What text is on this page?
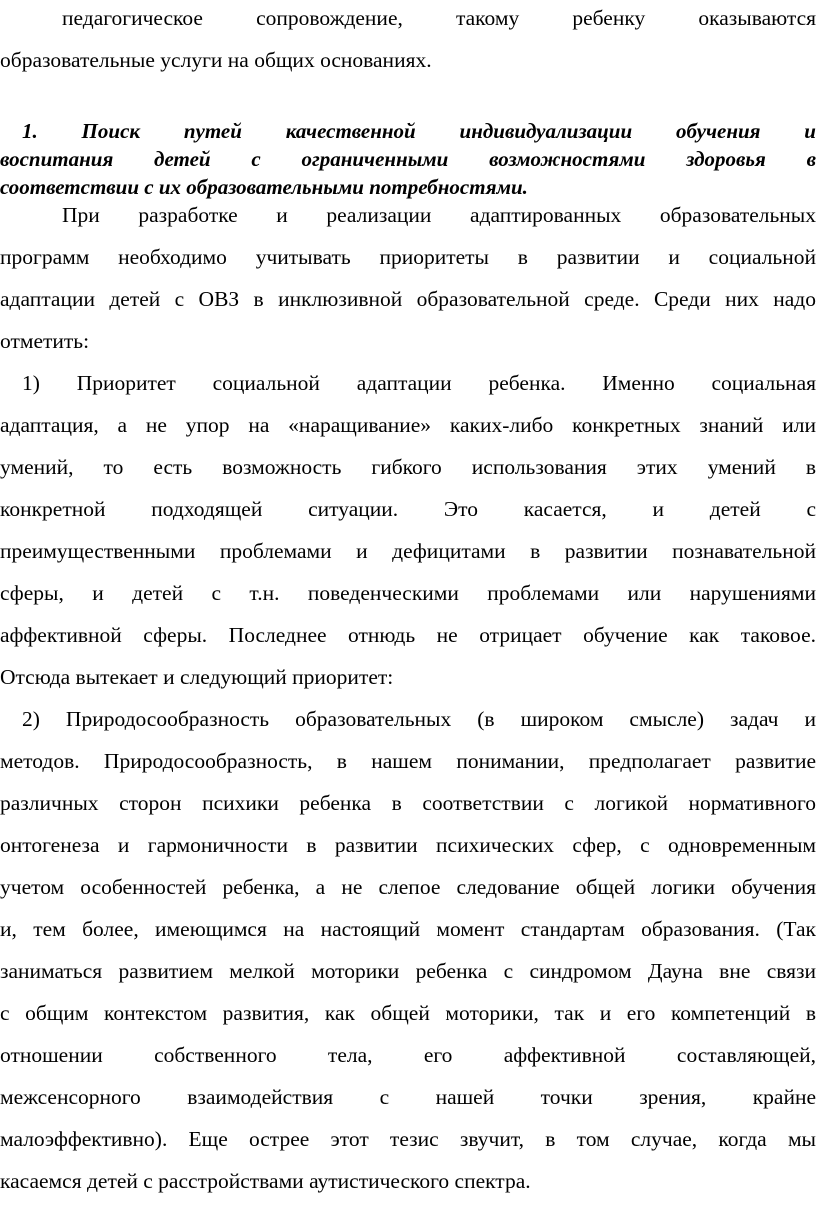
педагогическое сопровождение, такому ребенку оказываются
образовательные услуги на общих основаниях.
1. Поиск путей качественной индивидуализации обучения и
воспитания детей с ограниченными возможностями здоровья в
соответствии с их образовательными потребностями.
При разработке и реализации адаптированных образовательных
программ необходимо учитывать приоритеты в развитии и социальной
адаптации детей с ОВЗ в инклюзивной образовательной среде. Среди них надо
отметить:
1) Приоритет социальной адаптации ребенка. Именно социальная
адаптация, а не упор на «наращивание» каких-либо конкретных знаний или
умений, то есть возможность гибкого использования этих умений в
конкретной подходящей ситуации. Это касается, и детей с
преимущественными проблемами и дефицитами в развитии познавательной
сферы, и детей с т.н. поведенческими проблемами или нарушениями
аффективной сферы. Последнее отнюдь не отрицает обучение как таковое.
Отсюда вытекает и следующий приоритет:
2) Природосообразность образовательных (в широком смысле) задач и
методов. Природосообразность, в нашем понимании, предполагает развитие
различных сторон психики ребенка в соответствии с логикой нормативного
онтогенеза и гармоничности в развитии психических сфер, с одновременным
учетом особенностей ребенка, а не слепое следование общей логики обучения
и, тем более, имеющимся на настоящий момент стандартам образования. (Так
заниматься развитием мелкой моторики ребенка с синдромом Дауна вне связи
с общим контекстом развития, как общей моторики, так и его компетенций в
отношении собственного тела, его аффективной составляющей,
межсенсорного взаимодействия с нашей точки зрения, крайне
малоэффективно). Еще острее этот тезис звучит, в том случае, когда мы
касаемся детей с расстройствами аутистического спектра.
